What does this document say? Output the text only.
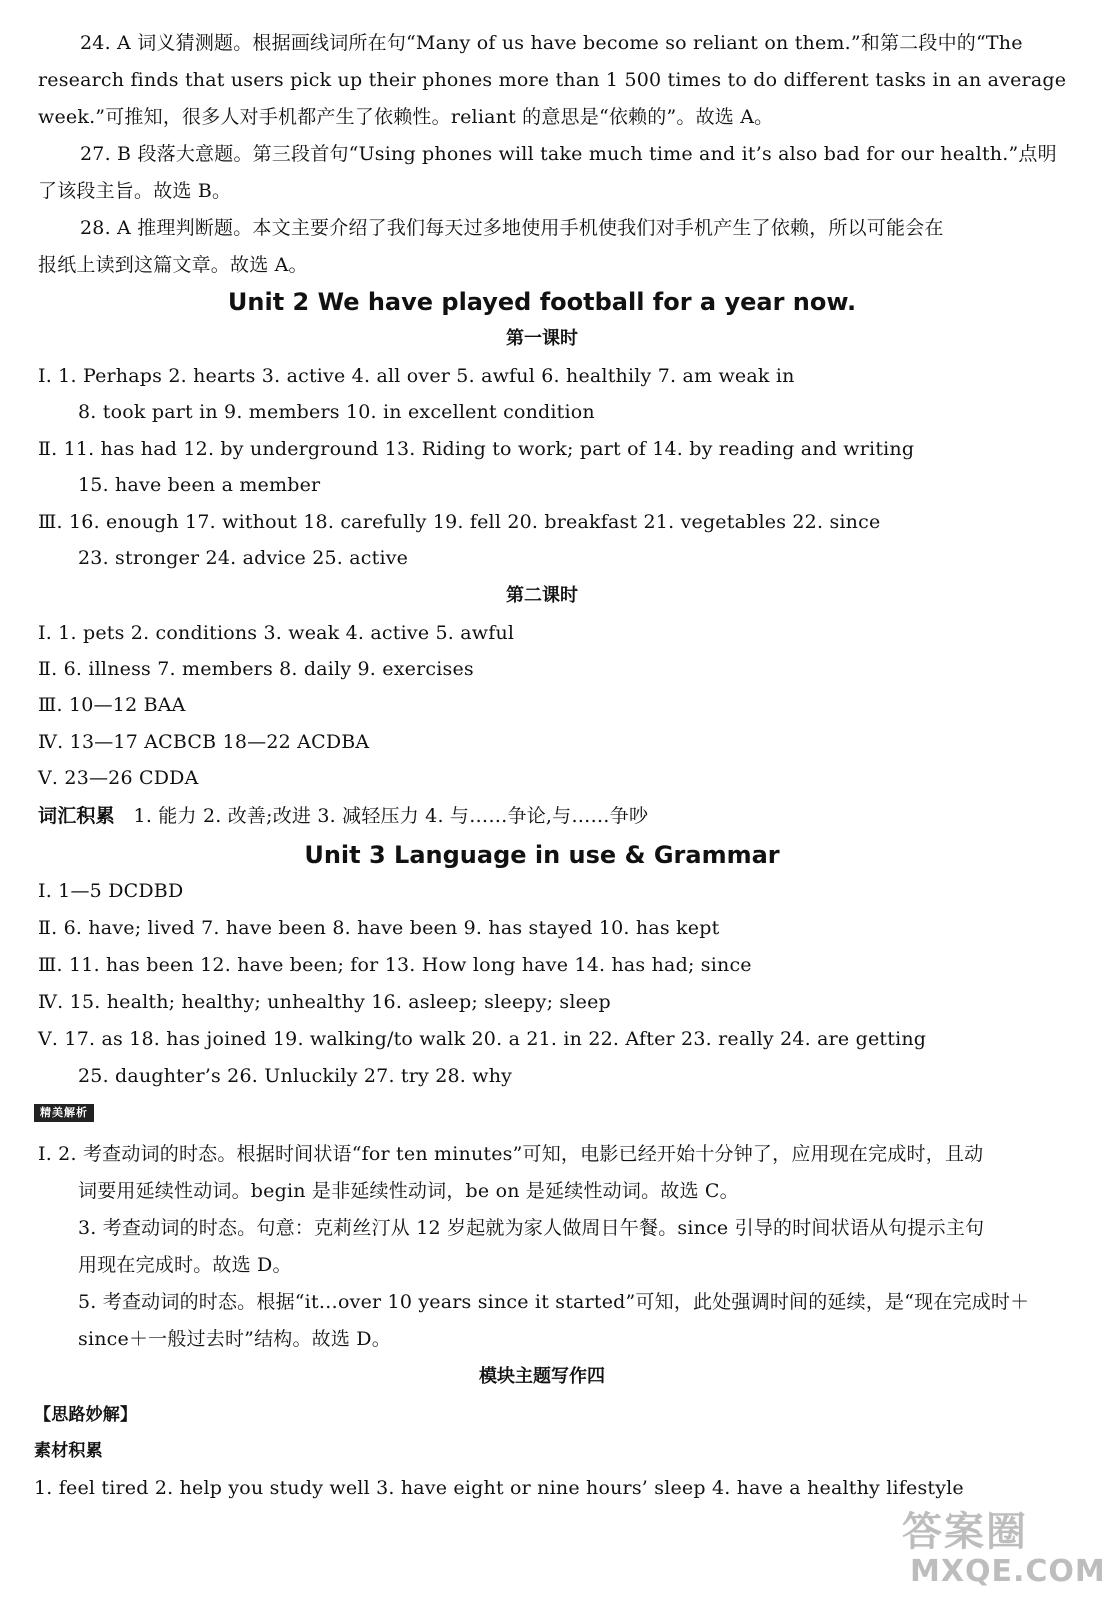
24. A 词义猜测题。根据画线词所在句“Many of us have become so reliant on them.”和第二段中的“The
research finds that users pick up their phones more than 1 500 times to do different tasks in an average
week.”可推知，很多人对手机都产生了依赖性。reliant 的意思是“依赖的”。故选 A。
27. B 段落大意题。第三段首句“Using phones will take much time and it’s also bad for our health.”点明
了该段主旨。故选 B。
28. A 推理判断题。本文主要介绍了我们每天过多地使用手机使我们对手机产生了依赖，所以可能会在
报纸上读到这篇文章。故选 A。
Unit 2 We have played football for a year now.
第一课时
Ⅰ. 1. Perhaps 2. hearts 3. active 4. all over 5. awful 6. healthily 7. am weak in
8. took part in 9. members 10. in excellent condition
Ⅱ. 11. has had 12. by underground 13. Riding to work; part of 14. by reading and writing
15. have been a member
Ⅲ. 16. enough 17. without 18. carefully 19. fell 20. breakfast 21. vegetables 22. since
23. stronger 24. advice 25. active
第二课时
Ⅰ. 1. pets 2. conditions 3. weak 4. active 5. awful
Ⅱ. 6. illness 7. members 8. daily 9. exercises
Ⅲ. 10—12 BAA
Ⅳ. 13—17 ACBCB 18—22 ACDBA
Ⅴ. 23—26 CDDA
词汇积累 1. 能力 2. 改善;改进 3. 减轻压力 4. 与……争论,与……争吵
Unit 3 Language in use & Grammar
Ⅰ. 1—5 DCDBD
Ⅱ. 6. have; lived 7. have been 8. have been 9. has stayed 10. has kept
Ⅲ. 11. has been 12. have been; for 13. How long have 14. has had; since
Ⅳ. 15. health; healthy; unhealthy 16. asleep; sleepy; sleep
Ⅴ. 17. as 18. has joined 19. walking/to walk 20. a 21. in 22. After 23. really 24. are getting
25. daughter’s 26. Unluckily 27. try 28. why
精美解析
Ⅰ. 2. 考查动词的时态。根据时间状语“for ten minutes”可知，电影已经开始十分钟了，应用现在完成时，且动
词要用延续性动词。begin 是非延续性动词，be on 是延续性动词。故选 C。
3. 考查动词的时态。句意：克莉丝汀从 12 岁起就为家人做周日午餐。since 引导的时间状语从句提示主句
用现在完成时。故选 D。
5. 考查动词的时态。根据“it…over 10 years since it started”可知，此处强调时间的延续，是“现在完成时＋
since＋一般过去时”结构。故选 D。
模块主题写作四
【思路妙解】
素材积累
1. feel tired 2. help you study well 3. have eight or nine hours’ sleep 4. have a healthy lifestyle
答案圈
MXQE.COM
